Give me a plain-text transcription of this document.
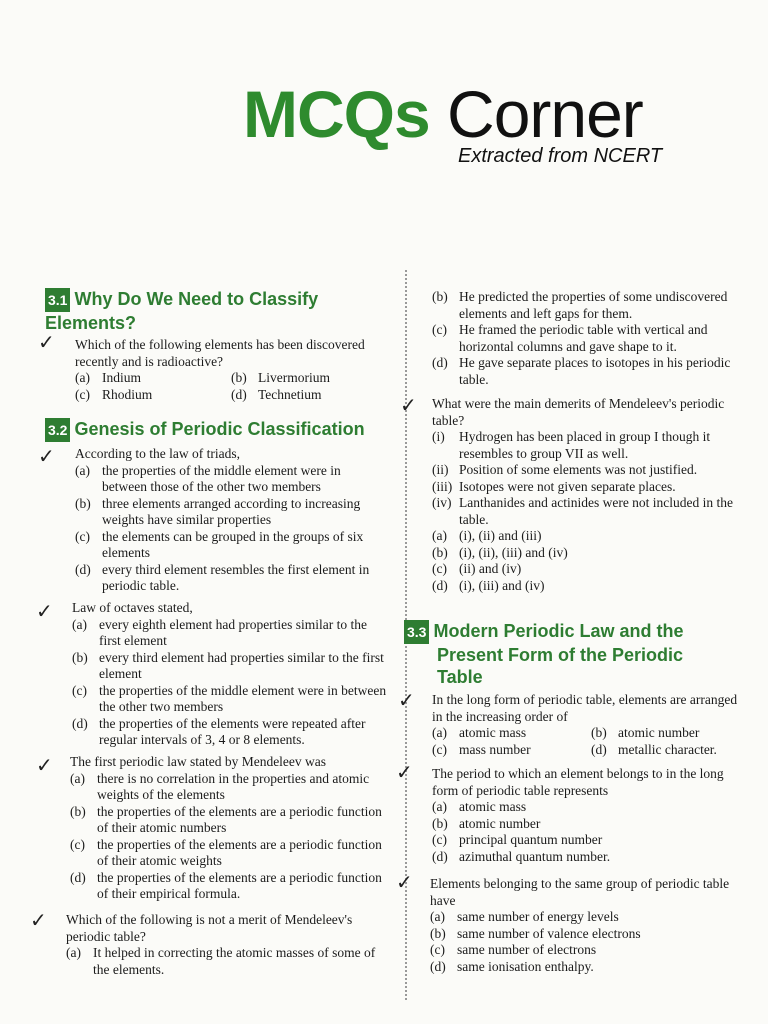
MCQs Corner
Extracted from NCERT
3.1 Why Do We Need to Classify
Elements?
✓ Which of the following elements has been discovered recently and is radioactive?
(a) Indium	(b) Livermorium
(c) Rhodium	(d) Technetium
3.2 Genesis of Periodic Classification
✓ According to the law of triads,
(a) the properties of the middle element were in between those of the other two members
(b) three elements arranged according to increasing weights have similar properties
(c) the elements can be grouped in the groups of six elements
(d) every third element resembles the first element in periodic table.
✓ Law of octaves stated,
(a) every eighth element had properties similar to the first element
(b) every third element had properties similar to the first element
(c) the properties of the middle element were in between the other two members
(d) the properties of the elements were repeated after regular intervals of 3, 4 or 8 elements.
✓ The first periodic law stated by Mendeleev was
(a) there is no correlation in the properties and atomic weights of the elements
(b) the properties of the elements are a periodic function of their atomic numbers
(c) the properties of the elements are a periodic function of their atomic weights
(d) the properties of the elements are a periodic function of their empirical formula.
✓ Which of the following is not a merit of Mendeleev's periodic table?
(a) It helped in correcting the atomic masses of some of the elements.
(b) He predicted the properties of some undiscovered elements and left gaps for them.
(c) He framed the periodic table with vertical and horizontal columns and gave shape to it.
(d) He gave separate places to isotopes in his periodic table.
✓ What were the main demerits of Mendeleev's periodic table?
(i) Hydrogen has been placed in group I though it resembles to group VII as well.
(ii) Position of some elements was not justified.
(iii) Isotopes were not given separate places.
(iv) Lanthanides and actinides were not included in the table.
(a) (i), (ii) and (iii)
(b) (i), (ii), (iii) and (iv)
(c) (ii) and (iv)
(d) (i), (iii) and (iv)
3.3 Modern Periodic Law and the
Present Form of the Periodic
Table
✓ In the long form of periodic table, elements are arranged in the increasing order of
(a) atomic mass	(b) atomic number
(c) mass number	(d) metallic character.
✓ The period to which an element belongs to in the long form of periodic table represents
(a) atomic mass
(b) atomic number
(c) principal quantum number
(d) azimuthal quantum number.
✓ Elements belonging to the same group of periodic table have
(a) same number of energy levels
(b) same number of valence electrons
(c) same number of electrons
(d) same ionisation enthalpy.
